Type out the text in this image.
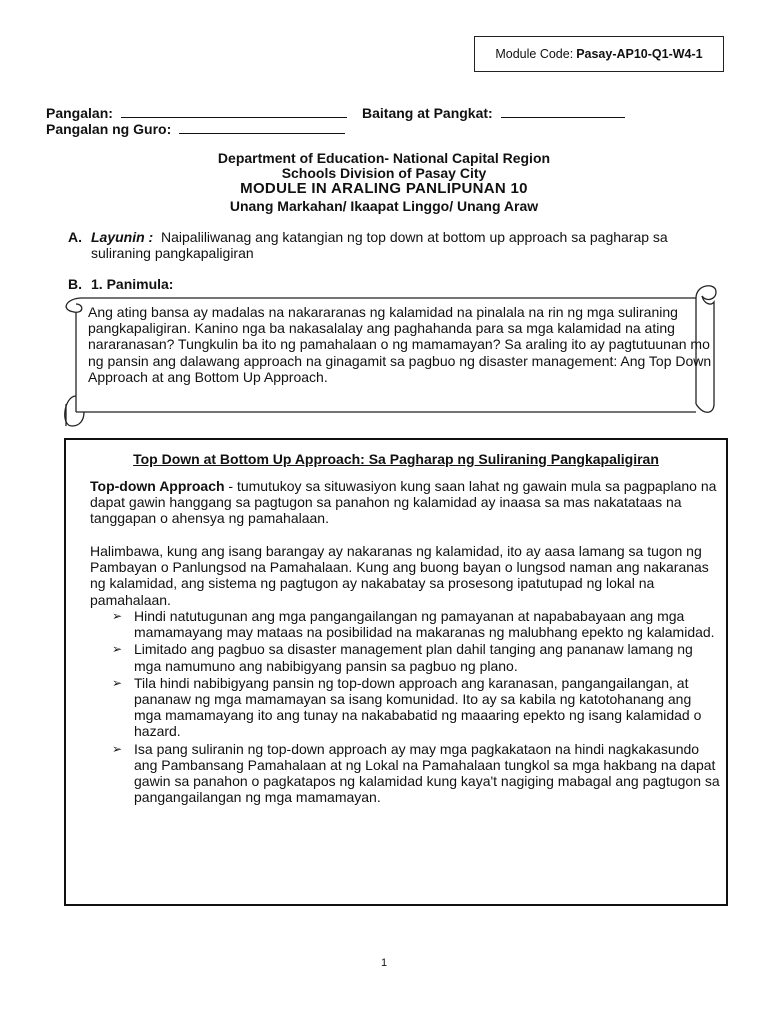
Module Code: Pasay-AP10-Q1-W4-1
Pangalan:	Baitang at Pangkat:
Pangalan ng Guro:
Department of Education- National Capital Region
Schools Division of Pasay City
MODULE IN ARALING PANLIPUNAN 10
Unang Markahan/ Ikaapat Linggo/ Unang Araw
A. Layunin : Naipaliliwanag ang katangian ng top down at bottom up approach sa pagharap sa
suliraning pangkapaligiran
B. 1. Panimula:
Ang ating bansa ay madalas na nakararanas ng kalamidad na pinalala na rin ng mga suliraning pangkapaligiran. Kanino nga ba nakasalalay ang paghahanda para sa mga kalamidad na ating nararanasan? Tungkulin ba ito ng pamahalaan o ng mamamayan? Sa araling ito ay pagtutuunan mo ng pansin ang dalawang approach na ginagamit sa pagbuo ng disaster management: Ang Top Down Approach at ang Bottom Up Approach.
Top Down at Bottom Up Approach: Sa Pagharap ng Suliraning Pangkapaligiran
Top-down Approach - tumutukoy sa situwasiyon kung saan lahat ng gawain mula sa pagpaplano na dapat gawin hanggang sa pagtugon sa panahon ng kalamidad ay inaasa sa mas nakatataas na tanggapan o ahensya ng pamahalaan.
Halimbawa, kung ang isang barangay ay nakaranas ng kalamidad, ito ay aasa lamang sa tugon ng Pambayan o Panlungsod na Pamahalaan. Kung ang buong bayan o lungsod naman ang nakaranas ng kalamidad, ang sistema ng pagtugon ay nakabatay sa prosesong ipatutupad ng lokal na pamahalaan.
➢ Hindi natutugunan ang mga pangangailangan ng pamayanan at napababayaan ang mga mamamayang may mataas na posibilidad na makaranas ng malubhang epekto ng kalamidad.
➢ Limitado ang pagbuo sa disaster management plan dahil tanging ang pananaw lamang ng mga namumuno ang nabibigyang pansin sa pagbuo ng plano.
➢ Tila hindi nabibigyang pansin ng top-down approach ang karanasan, pangangailangan, at pananaw ng mga mamamayan sa isang komunidad. Ito ay sa kabila ng katotohanang ang mga mamamayang ito ang tunay na nakababatid ng maaaring epekto ng isang kalamidad o hazard.
➢ Isa pang suliranin ng top-down approach ay may mga pagkakataon na hindi nagkakasundo ang Pambansang Pamahalaan at ng Lokal na Pamahalaan tungkol sa mga hakbang na dapat gawin sa panahon o pagkatapos ng kalamidad kung kaya't nagiging mabagal ang pagtugon sa pangangailangan ng mga mamamayan.
1
